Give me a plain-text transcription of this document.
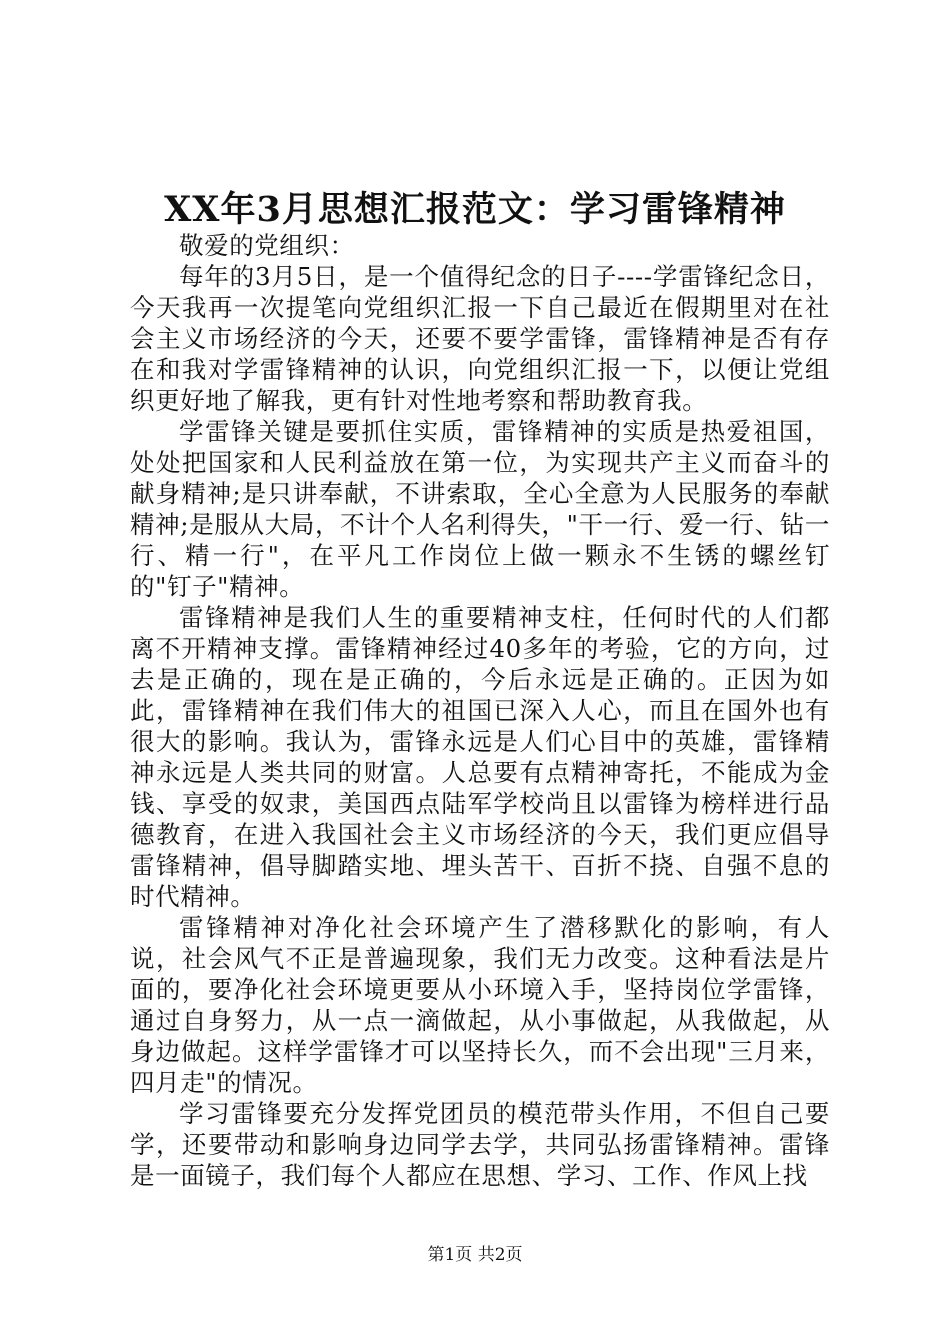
XX年3月思想汇报范文：学习雷锋精神

敬爱的党组织：

每年的3月5日，是一个值得纪念的日子----学雷锋纪念日，今天我再一次提笔向党组织汇报一下自己最近在假期里对在社会主义市场经济的今天，还要不要学雷锋，雷锋精神是否有存在和我对学雷锋精神的认识，向党组织汇报一下，以便让党组织更好地了解我，更有针对性地考察和帮助教育我。

学雷锋关键是要抓住实质，雷锋精神的实质是热爱祖国，处处把国家和人民利益放在第一位，为实现共产主义而奋斗的献身精神;是只讲奉献，不讲索取，全心全意为人民服务的奉献精神;是服从大局，不计个人名利得失，"干一行、爱一行、钻一行、精一行"，在平凡工作岗位上做一颗永不生锈的螺丝钉的"钉子"精神。

雷锋精神是我们人生的重要精神支柱，任何时代的人们都离不开精神支撑。雷锋精神经过40多年的考验，它的方向，过去是正确的，现在是正确的，今后永远是正确的。正因为如此，雷锋精神在我们伟大的祖国已深入人心，而且在国外也有很大的影响。我认为，雷锋永远是人们心目中的英雄，雷锋精神永远是人类共同的财富。人总要有点精神寄托，不能成为金钱、享受的奴隶，美国西点陆军学校尚且以雷锋为榜样进行品德教育，在进入我国社会主义市场经济的今天，我们更应倡导雷锋精神，倡导脚踏实地、埋头苦干、百折不挠、自强不息的时代精神。

雷锋精神对净化社会环境产生了潜移默化的影响，有人说，社会风气不正是普遍现象，我们无力改变。这种看法是片面的，要净化社会环境更要从小环境入手，坚持岗位学雷锋，通过自身努力，从一点一滴做起，从小事做起，从我做起，从身边做起。这样学雷锋才可以坚持长久，而不会出现"三月来，四月走"的情况。

学习雷锋要充分发挥党团员的模范带头作用，不但自己要学，还要带动和影响身边同学去学，共同弘扬雷锋精神。雷锋是一面镜子，我们每个人都应在思想、学习、工作、作风上找

第1页 共2页
